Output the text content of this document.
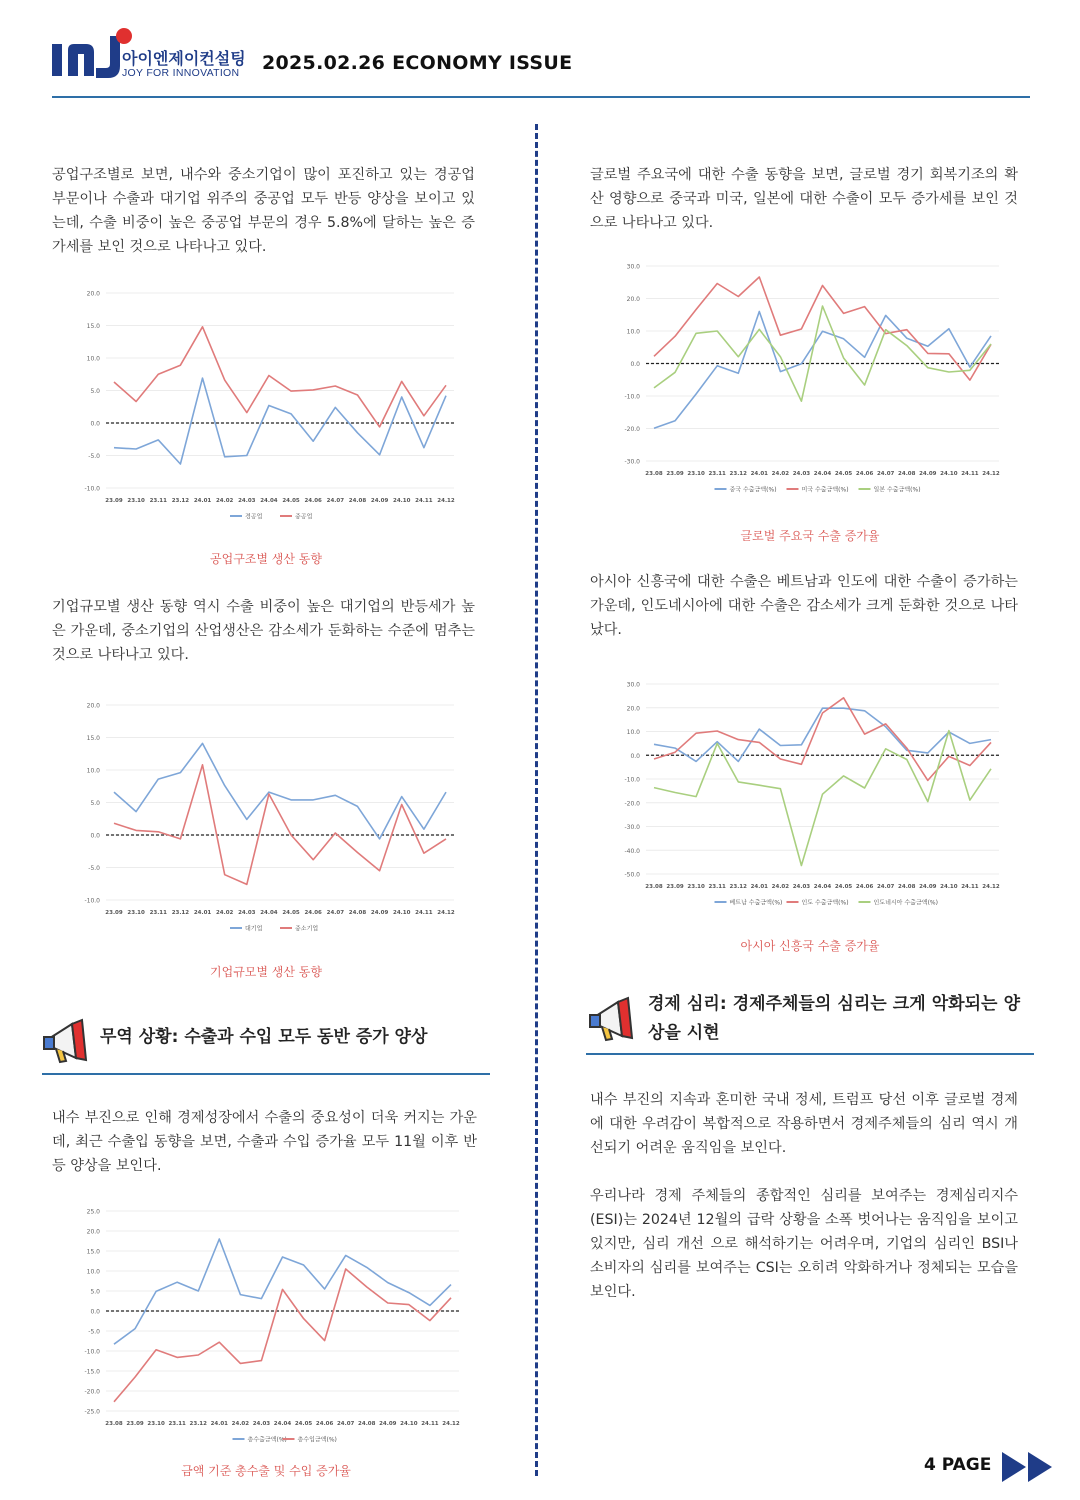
아이엔제이컨설팅
JOY FOR INNOVATION 2025.02.26 ECONOMY ISSUE

공업구조별로 보면, 내수와 중소기업이 많이 포진하고 있는 경공업 부문이나 수출과 대기업 위주의 중공업 모두 반등 양상을 보이고 있는데, 수출 비중이 높은 중공업 부문의 경우 5.8%에 달하는 높은 증가세를 보인 것으로 나타나고 있다.

20.0
15.0
10.0
5.0
0.0
-5.0
-10.0
23.09 23.10 23.11 23.12 24.01 24.02 24.03 24.04 24.05 24.06 24.07 24.08 24.09 24.10 24.11 24.12
경공업	중공업
공업구조별 생산 동향

기업규모별 생산 동향 역시 수출 비중이 높은 대기업의 반등세가 높은 가운데, 중소기업의 산업생산은 감소세가 둔화하는 수준에 멈추는 것으로 나타나고 있다.

20.0
15.0
10.0
5.0
0.0
-5.0
-10.0
23.09 23.10 23.11 23.12 24.01 24.02 24.03 24.04 24.05 24.06 24.07 24.08 24.09 24.10 24.11 24.12
대기업	중소기업
기업규모별 생산 동향
무역 상황: 수출과 수입 모두 동반 증가 양상

내수 부진으로 인해 경제성장에서 수출의 중요성이 더욱 커지는 가운데, 최근 수출입 동향을 보면, 수출과 수입 증가율 모두 11월 이후 반등 양상을 보인다.

25.0
20.0
15.0
10.0
5.0
0.0
-5.0
-10.0
-15.0
-20.0
-25.0
23.08 23.09 23.10 23.11 23.12 24.01 24.02 24.03 24.04 24.05 24.06 24.07 24.08 24.09 24.10 24.11 24.12
총수출금액(%) 총수입금액(%)
금액 기준 총수출 및 수입 증가율

글로벌 주요국에 대한 수출 동향을 보면, 글로벌 경기 회복기조의 확산 영향으로 중국과 미국, 일본에 대한 수출이 모두 증가세를 보인 것으로 나타나고 있다.

30.0
20.0
10.0
0.0
-10.0
-20.0
-30.0
23.08 23.09 23.10 23.11 23.12 24.01 24.02 24.03 24.04 24.05 24.06 24.07 24.08 24.09 24.10 24.11 24.12
중국 수출금액(%)	미국 수출금액(%)	일본 수출금액(%)
글로벌 주요국 수출 증가율

아시아 신흥국에 대한 수출은 베트남과 인도에 대한 수출이 증가하는 가운데, 인도네시아에 대한 수출은 감소세가 크게 둔화한 것으로 나타났다.

30.0
20.0
10.0
0.0
-10.0
-20.0
-30.0
-40.0
-50.0
23.08 23.09 23.10 23.11 23.12 24.01 24.02 24.03 24.04 24.05 24.06 24.07 24.08 24.09 24.10 24.11 24.12
베트남 수출금액(%)	인도 수출금액(%)	인도네시아 수출금액(%)
아시아 신흥국 수출 증가율
경제 심리: 경제주체들의 심리는 크게 악화되는 양상을 시현

내수 부진의 지속과 혼미한 국내 정세, 트럼프 당선 이후 글로벌 경제에 대한 우려감이 복합적으로 작용하면서 경제주체들의 심리 역시 개선되기 어려운 움직임을 보인다.

우리나라 경제 주체들의 종합적인 심리를 보여주는 경제심리지수(ESI)는 2024년 12월의 급락 상황을 소폭 벗어나는 움직임을 보이고 있지만, 심리 개선 으로 해석하기는 어려우며, 기업의 심리인 BSI나 소비자의 심리를 보여주는 CSI는 오히려 악화하거나 정체되는 모습을 보인다.

4 PAGE
